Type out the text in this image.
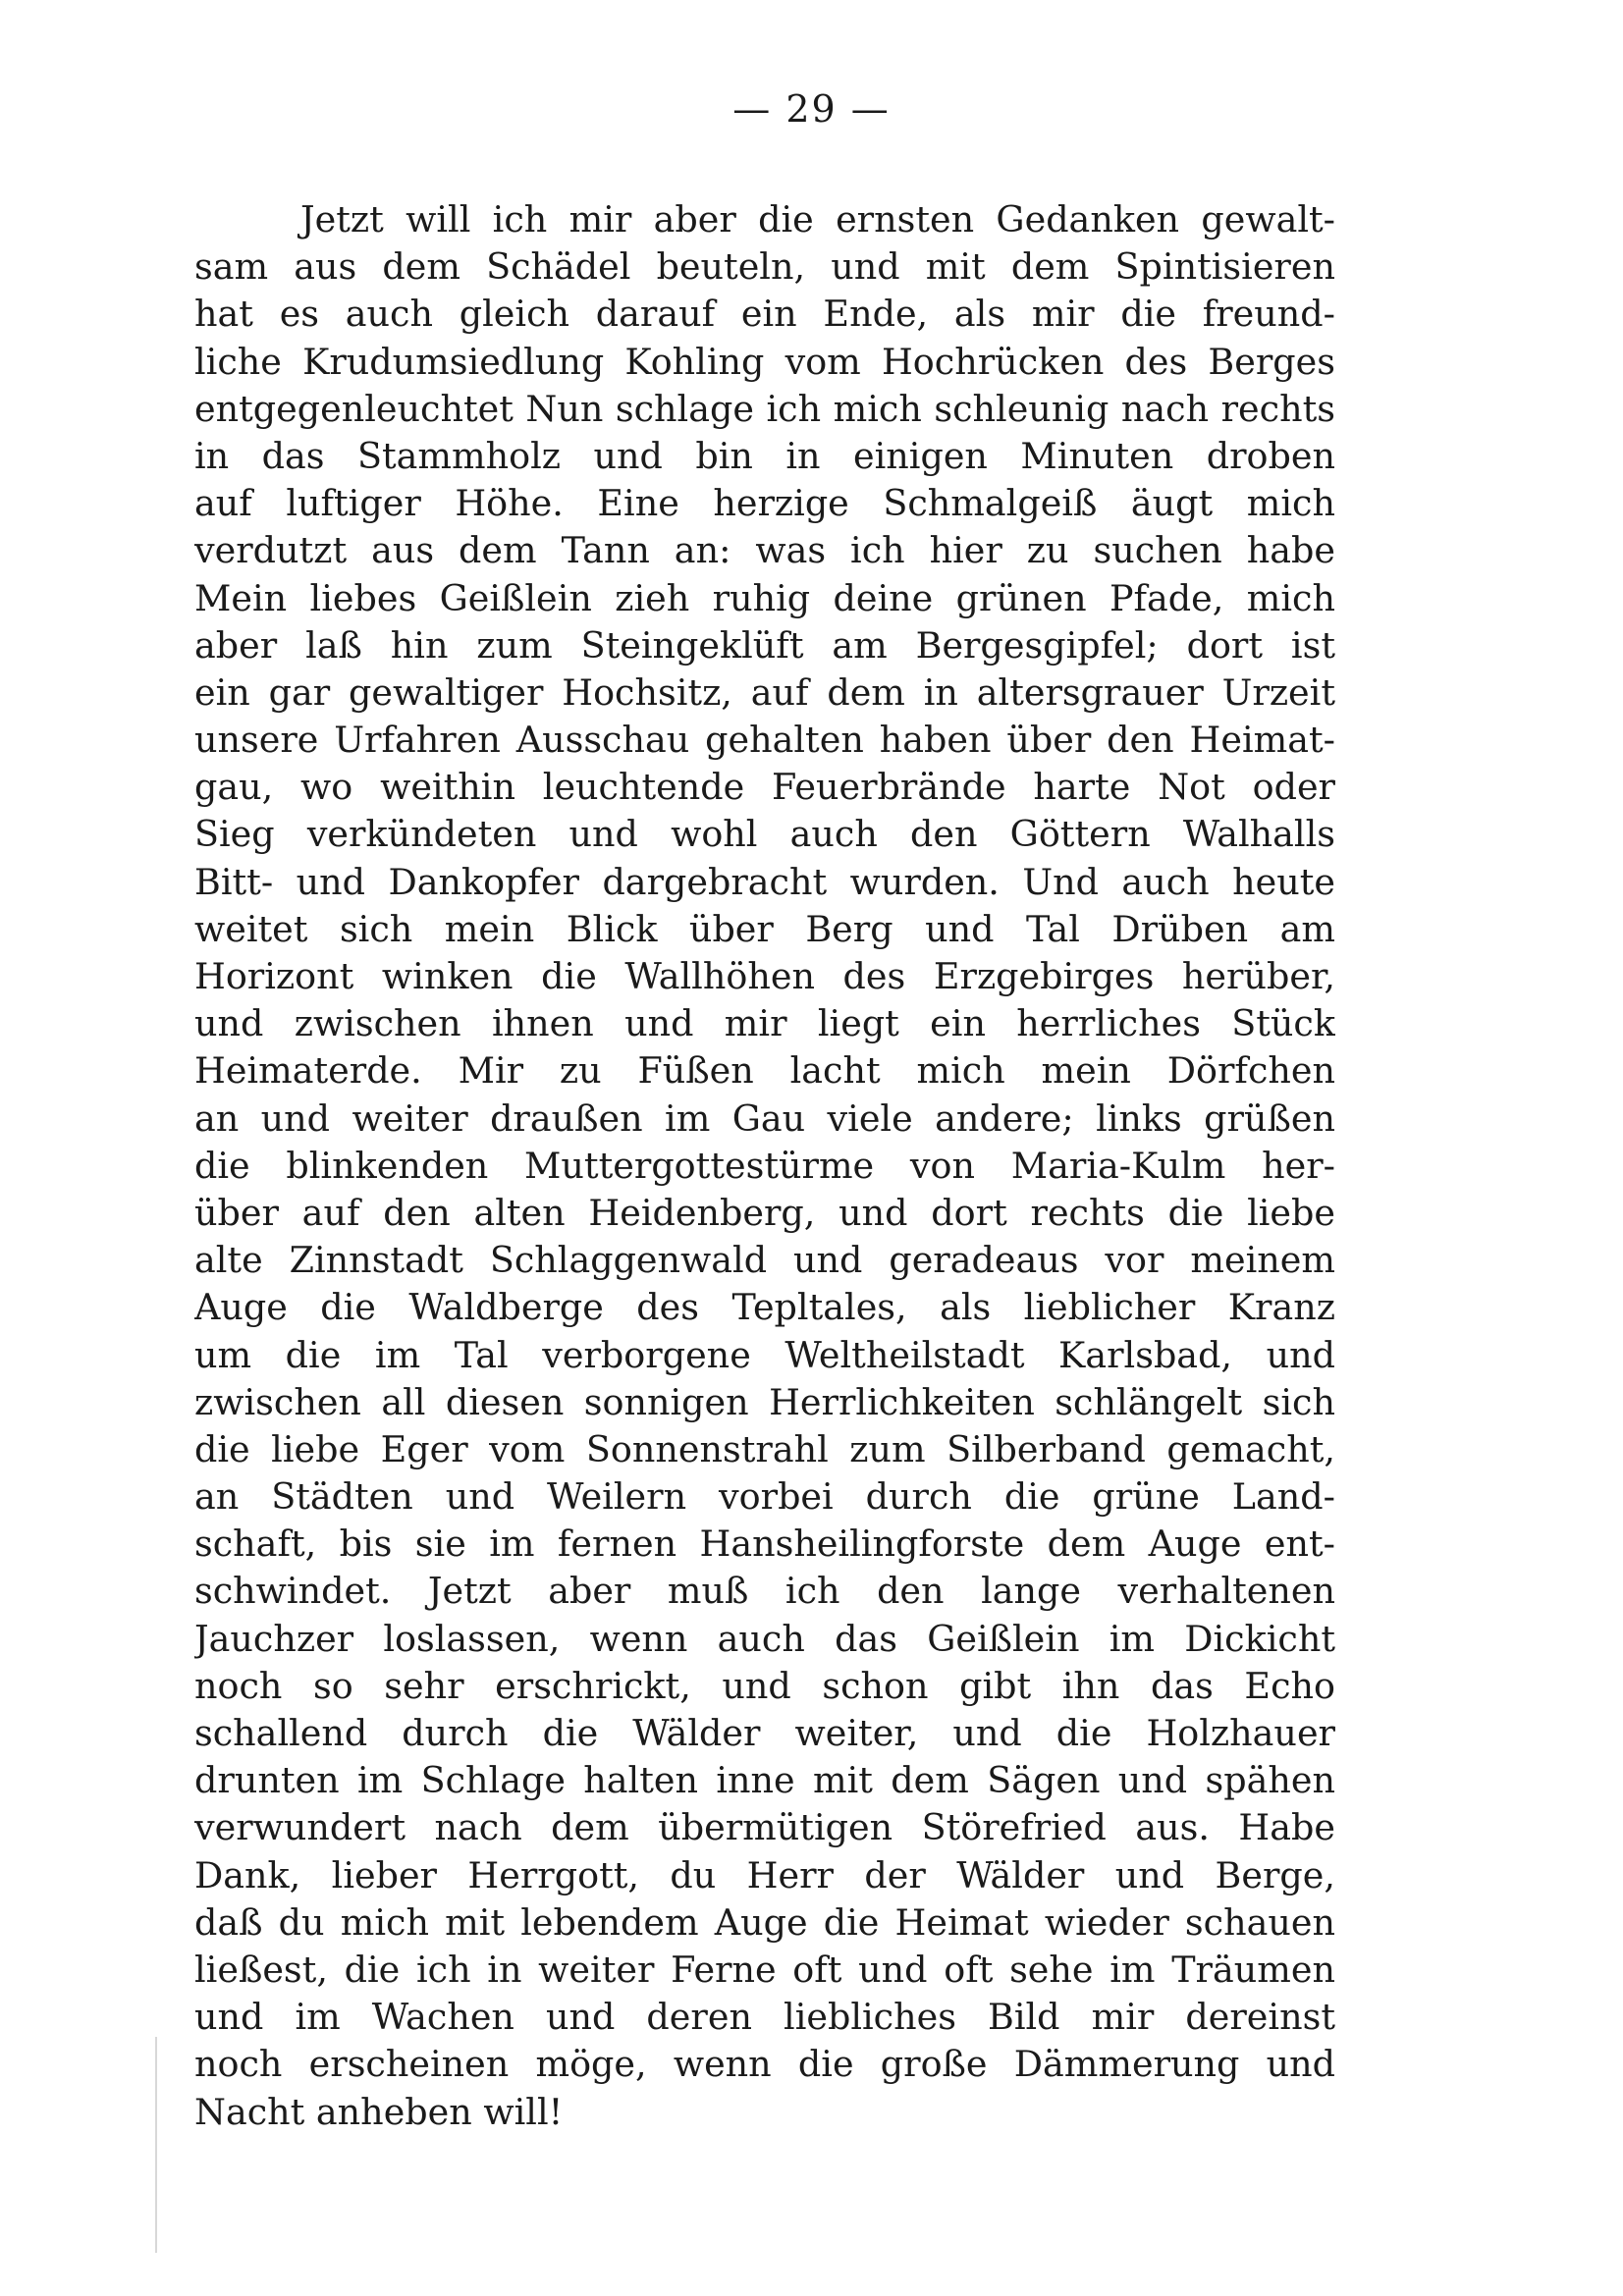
— 29 —
Jetzt will ich mir aber die ernsten Gedanken gewalt-
sam aus dem Schädel beuteln, und mit dem Spintisieren
hat es auch gleich darauf ein Ende, als mir die freund-
liche Krudumsiedlung Kohling vom Hochrücken des Berges
entgegenleuchtet Nun schlage ich mich schleunig nach rechts
in das Stammholz und bin in einigen Minuten droben
auf luftiger Höhe. Eine herzige Schmalgeiß äugt mich
verdutzt aus dem Tann an: was ich hier zu suchen habe
Mein liebes Geißlein zieh ruhig deine grünen Pfade, mich
aber laß hin zum Steingeklüft am Bergesgipfel; dort ist
ein gar gewaltiger Hochsitz, auf dem in altersgrauer Urzeit
unsere Urfahren Ausschau gehalten haben über den Heimat-
gau, wo weithin leuchtende Feuerbrände harte Not oder
Sieg verkündeten und wohl auch den Göttern Walhalls
Bitt- und Dankopfer dargebracht wurden. Und auch heute
weitet sich mein Blick über Berg und Tal Drüben am
Horizont winken die Wallhöhen des Erzgebirges herüber,
und zwischen ihnen und mir liegt ein herrliches Stück
Heimaterde. Mir zu Füßen lacht mich mein Dörfchen
an und weiter draußen im Gau viele andere; links grüßen
die blinkenden Muttergottestürme von Maria-Kulm her-
über auf den alten Heidenberg, und dort rechts die liebe
alte Zinnstadt Schlaggenwald und geradeaus vor meinem
Auge die Waldberge des Tepltales, als lieblicher Kranz
um die im Tal verborgene Weltheilstadt Karlsbad, und
zwischen all diesen sonnigen Herrlichkeiten schlängelt sich
die liebe Eger vom Sonnenstrahl zum Silberband gemacht,
an Städten und Weilern vorbei durch die grüne Land-
schaft, bis sie im fernen Hansheilingforste dem Auge ent-
schwindet. Jetzt aber muß ich den lange verhaltenen
Jauchzer loslassen, wenn auch das Geißlein im Dickicht
noch so sehr erschrickt, und schon gibt ihn das Echo
schallend durch die Wälder weiter, und die Holzhauer
drunten im Schlage halten inne mit dem Sägen und spähen
verwundert nach dem übermütigen Störefried aus. Habe
Dank, lieber Herrgott, du Herr der Wälder und Berge,
daß du mich mit lebendem Auge die Heimat wieder schauen
ließest, die ich in weiter Ferne oft und oft sehe im Träumen
und im Wachen und deren liebliches Bild mir dereinst
noch erscheinen möge, wenn die große Dämmerung und
Nacht anheben will!
